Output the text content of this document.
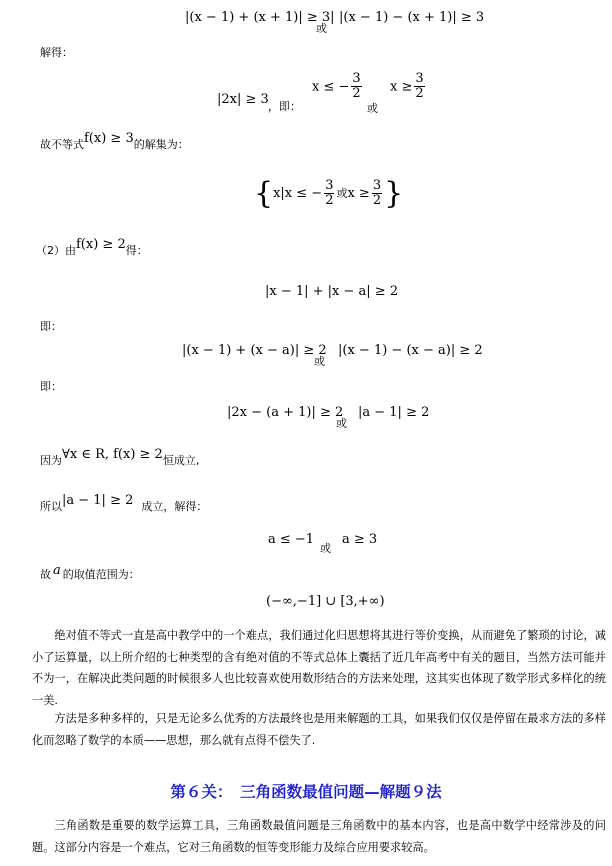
|(x − 1) + (x + 1)| ≥ 3|
或
|(x − 1) − (x + 1)| ≥ 3
解得：
|2x| ≥ 3 ，即：
x ≤ − $\frac{3}{2}$
或
$x \ge \frac{3}{2}$
故不等式f(x) ≥ 3的解集为：
{x|x ≤ − $\frac{3}{2}$ 或$x \ge \frac{3}{2}$ }
（2）由f(x) ≥ 2得：
|x − 1| + |x − a| ≥ 2
即：
|(x − 1) + (x − a)| ≥ 2
或
|(x − 1) − (x − a)| ≥ 2
即：
|2x − (a + 1)| ≥ 2
或
|a − 1| ≥ 2
因为∀x ∈ R, f(x) ≥ 2恒成立,
所以|a − 1| ≥ 2 成立，解得：
a ≤ −1
或
a ≥ 3
故 a 的取值范围为：
(−∞,−1] ∪ [3,+∞)
绝对值不等式一直是高中教学中的一个难点，我们通过化归思想将其进行等价变换，从而避免了繁琐的讨论，减小了运算量，以上所介绍的七种类型的含有绝对值的不等式总体上囊括了近几年高考中有关的题目，当然方法可能并不为一，在解决此类问题的时候很多人也比较喜欢使用数形结合的方法来处理，这其实也体现了数学形式多样化的统一美.
方法是多种多样的，只是无论多么优秀的方法最终也是用来解题的工具，如果我们仅仅是停留在最求方法的多样化而忽略了数学的本质——思想，那么就有点得不偿失了.
第６关：　三角函数最值问题—解题９法
三角函数是重要的数学运算工具，三角函数最值问题是三角函数中的基本内容，也是高中数学中经常涉及的问题。这部分内容是一个难点，它对三角函数的恒等变形能力及综合应用要求较高。
